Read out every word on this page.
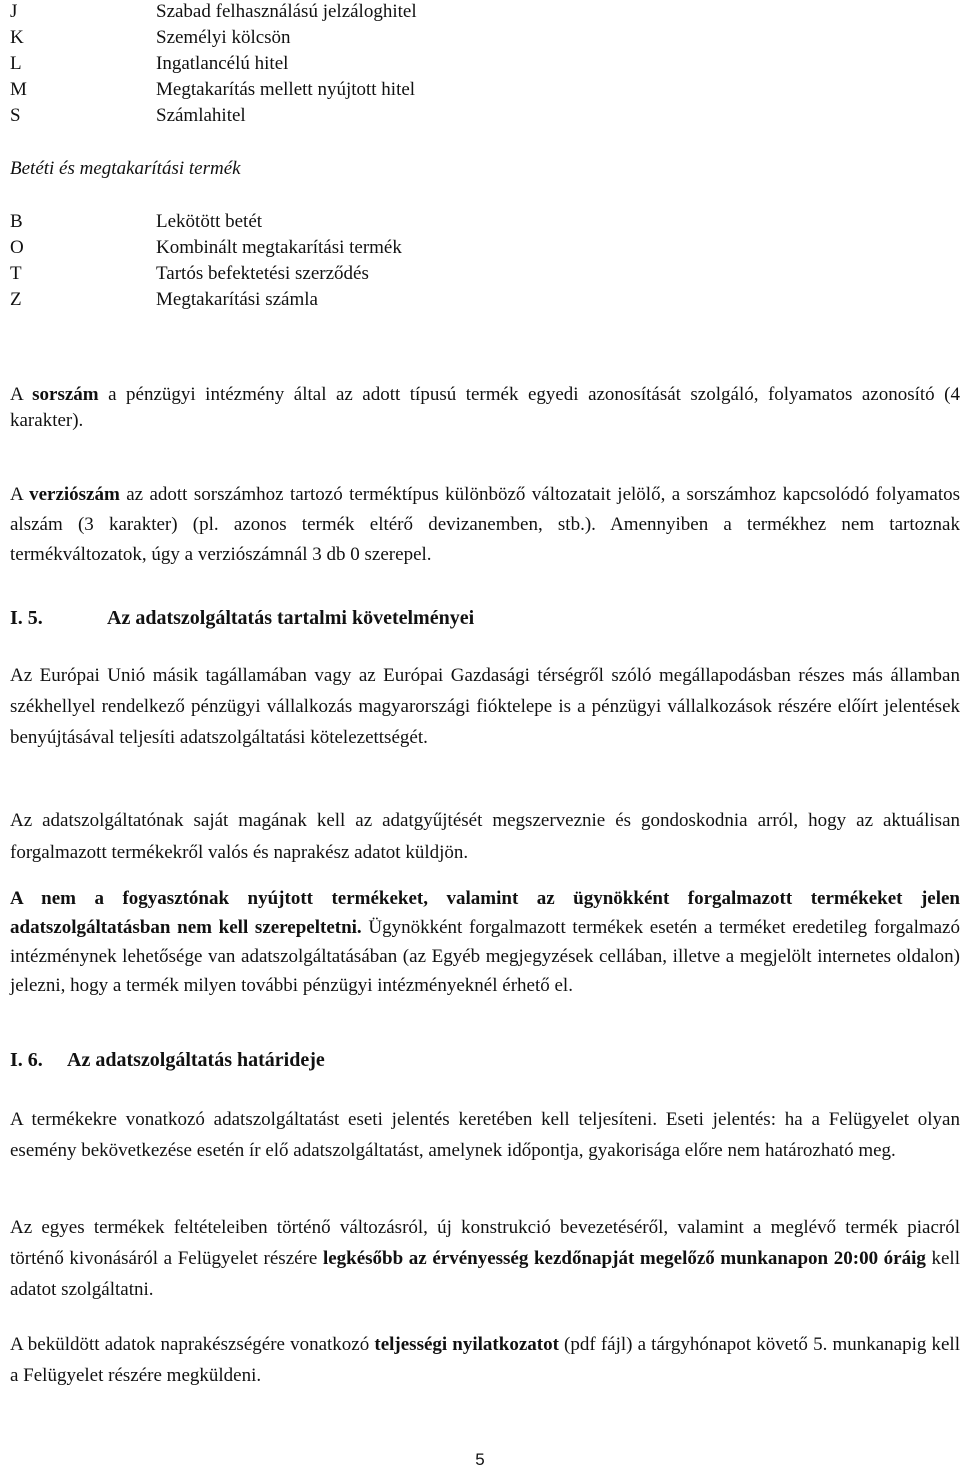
J	Szabad felhasználású jelzáloghitel
K	Személyi kölcsön
L	Ingatlancélú hitel
M	Megtakarítás mellett nyújtott hitel
S	Számlahitel
Betéti és megtakarítási termék
B	Lekötött betét
O	Kombinált megtakarítási termék
T	Tartós befektetési szerződés
Z	Megtakarítási számla

A sorszám a pénzügyi intézmény által az adott típusú termék egyedi azonosítását szolgáló, folyamatos azonosító (4 karakter).

A verziószám az adott sorszámhoz tartozó terméktípus különböző változatait jelölő, a sorszámhoz kapcsolódó folyamatos alszám (3 karakter) (pl. azonos termék eltérő devizanemben, stb.). Amennyiben a termékhez nem tartoznak termékváltozatok, úgy a verziószámnál 3 db 0 szerepel.

I. 5.	Az adatszolgáltatás tartalmi követelményei

Az Európai Unió másik tagállamában vagy az Európai Gazdasági térségről szóló megállapodásban részes más államban székhellyel rendelkező pénzügyi vállalkozás magyarországi fióktelepe is a pénzügyi vállalkozások részére előírt jelentések benyújtásával teljesíti adatszolgáltatási kötelezettségét.

Az adatszolgáltatónak saját magának kell az adatgyűjtését megszerveznie és gondoskodnia arról, hogy az aktuálisan forgalmazott termékekről valós és naprakész adatot küldjön.

A nem a fogyasztónak nyújtott termékeket, valamint az ügynökként forgalmazott termékeket jelen adatszolgáltatásban nem kell szerepeltetni. Ügynökként forgalmazott termékek esetén a terméket eredetileg forgalmazó intézménynek lehetősége van adatszolgáltatásában (az Egyéb megjegyzések cellában, illetve a megjelölt internetes oldalon) jelezni, hogy a termék milyen további pénzügyi intézményeknél érhető el.

I. 6. Az adatszolgáltatás határideje

A termékekre vonatkozó adatszolgáltatást eseti jelentés keretében kell teljesíteni. Eseti jelentés: ha a Felügyelet olyan esemény bekövetkezése esetén ír elő adatszolgáltatást, amelynek időpontja, gyakorisága előre nem határozható meg.

Az egyes termékek feltételeiben történő változásról, új konstrukció bevezetéséről, valamint a meglévő termék piacról történő kivonásáról a Felügyelet részére legkésőbb az érvényesség kezdőnapját megelőző munkanapon 20:00 óráig kell adatot szolgáltatni.

A beküldött adatok naprakészségére vonatkozó teljességi nyilatkozatot (pdf fájl) a tárgyhónapot követő 5. munkanapig kell a Felügyelet részére megküldeni.

5
